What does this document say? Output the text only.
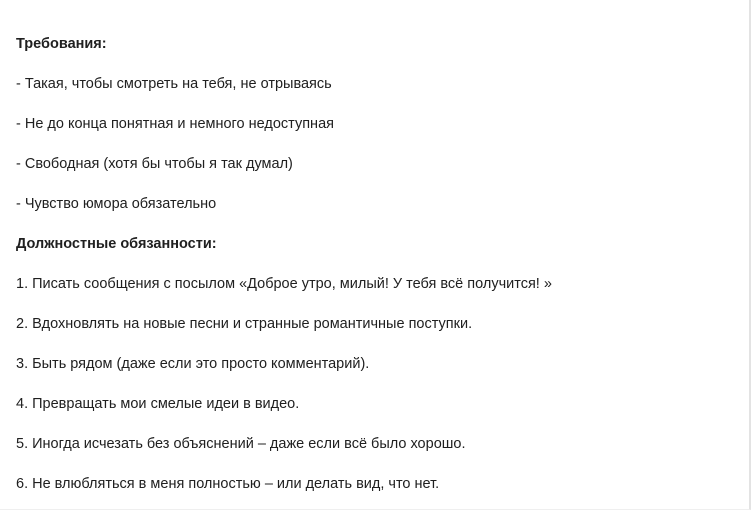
Требования:

- Такая, чтобы смотреть на тебя, не отрываясь

- Не до конца понятная и немного недоступная

- Свободная (хотя бы чтобы я так думал)

- Чувство юмора обязательно

Должностные обязанности:

1. Писать сообщения с посылом «Доброе утро, милый! У тебя всё получится! »

2. Вдохновлять на новые песни и странные романтичные поступки.

3. Быть рядом (даже если это просто комментарий).

4. Превращать мои смелые идеи в видео.

5. Иногда исчезать без объяснений – даже если всё было хорошо.

6. Не влюбляться в меня полностью – или делать вид, что нет.
